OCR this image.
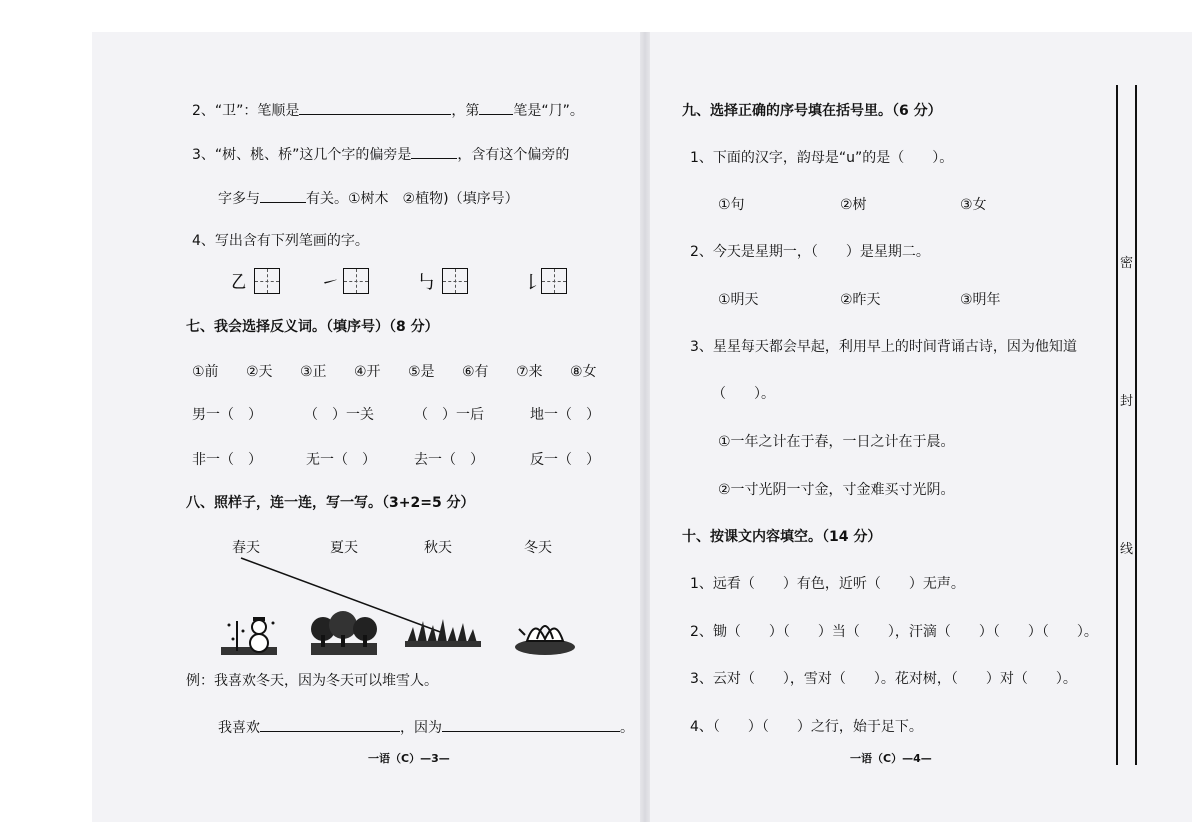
2、“卫”：笔顺是	，第 笔是“⺆”。
3、“树、桃、桥”这几个字的偏旁是	，含有这个偏旁的
字多与	有关。①树木　②植物)（填序号）
4、写出含有下列笔画的字。
㇠	㇀	㇉	㇙
七、我会选择反义词。（填序号）（8 分）
①前 ②天 ③正 ④开 ⑤是 ⑥有 ⑦来 ⑧女
男一（　）	（　）一关	（　）一后	地一（　）
非一（　）	无一（　）	去一（　）	反一（　）
八、照样子，连一连，写一写。（3+2=5 分）
春天	夏天	秋天	冬天
例：我喜欢冬天，因为冬天可以堆雪人。
我喜欢	，因为	。
一语（C）—3—
九、选择正确的序号填在括号里。（6 分）
1、下面的汉字，韵母是“u”的是（　　）。
①句	②树	③女
2、今天是星期一，（　　）是星期二。
①明天	②昨天	③明年
3、星星每天都会早起，利用早上的时间背诵古诗，因为他知道
（　　）。
①一年之计在于春，一日之计在于晨。
②一寸光阴一寸金，寸金难买寸光阴。
十、按课文内容填空。（14 分）
1、远看（　　）有色，近听（　　）无声。
2、锄（　　）（　　）当（　　），汗滴（　　）（　　）（　　）。
3、云对（　　），雪对（　　）。花对树，（　　）对（　　）。
4、（　　）（　　）之行，始于足下。
一语（C）—4—
密
封
线
